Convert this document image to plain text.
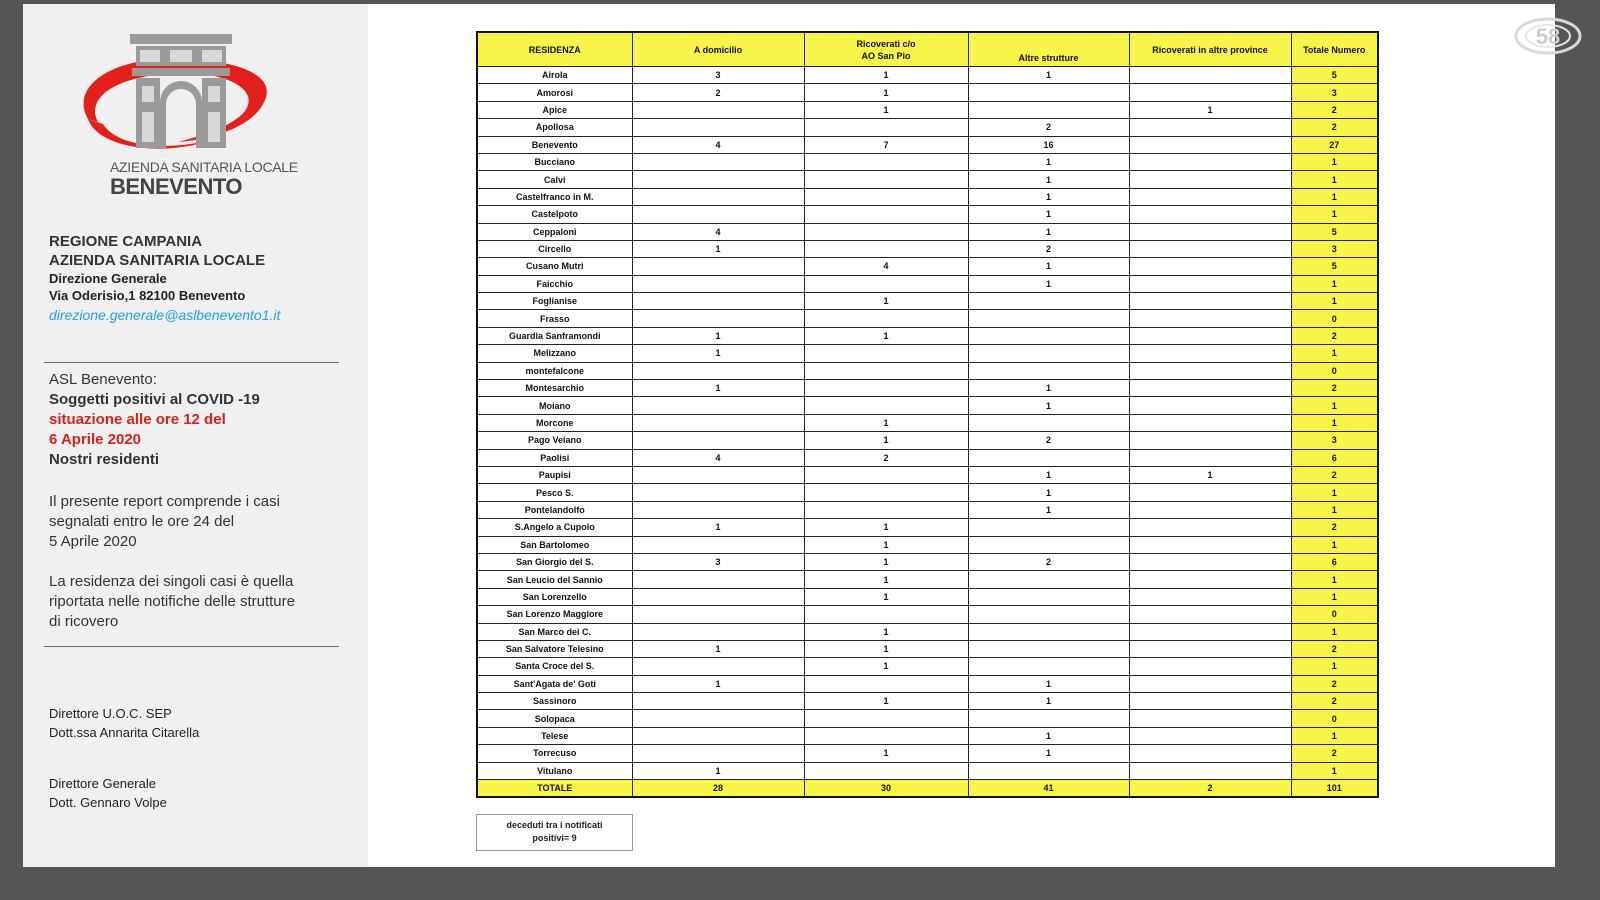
AZIENDA SANITARIA LOCALE
BENEVENTO
REGIONE CAMPANIA
AZIENDA SANITARIA LOCALE
Direzione Generale
Via Oderisio,1 82100 Benevento
direzione.generale@aslbenevento1.it
ASL Benevento:
Soggetti positivi al COVID -19
situazione alle ore 12 del
6 Aprile 2020
Nostri residenti
Il presente report comprende i casi
segnalati entro le ore 24 del
5 Aprile 2020
La residenza dei singoli casi è quella
riportata nelle notifiche delle strutture
di ricovero
Direttore U.O.C. SEP
Dott.ssa Annarita Citarella
Direttore Generale
Dott. Gennaro Volpe
RESIDENZA	A domicilio	Ricoverati c/o
AO San Pio	Altre strutture	Ricoverati in altre province	Totale Numero
Airola	3	1	1		5
Amorosi	2	1			3
Apice		1		1	2
Apollosa			2		2
Benevento	4	7	16		27
Bucciano			1		1
Calvi			1		1
Castelfranco in M.			1		1
Castelpoto			1		1
Ceppaloni	4		1		5
Circello	1		2		3
Cusano Mutri		4	1		5
Faicchio			1		1
Foglianise		1			1
Frasso					0
Guardia Sanframondi	1	1			2
Melizzano	1				1
montefalcone					0
Montesarchio	1		1		2
Moiano			1		1
Morcone		1			1
Pago Veiano		1	2		3
Paolisi	4	2			6
Paupisi			1	1	2
Pesco S.			1		1
Pontelandolfo			1		1
S.Angelo a Cupolo	1	1			2
San Bartolomeo		1			1
San Giorgio del S.	3	1	2		6
San Leucio del Sannio		1			1
San Lorenzello		1			1
San Lorenzo Maggiore					0
San Marco dei C.		1			1
San Salvatore Telesino	1	1			2
Santa Croce del S.		1			1
Sant'Agata de' Goti	1		1		2
Sassinoro		1	1		2
Solopaca					0
Telese			1		1
Torrecuso		1	1		2
Vitulano	1				1
TOTALE	28	30	41	2	101
deceduti tra i notificati
positivi= 9
58
